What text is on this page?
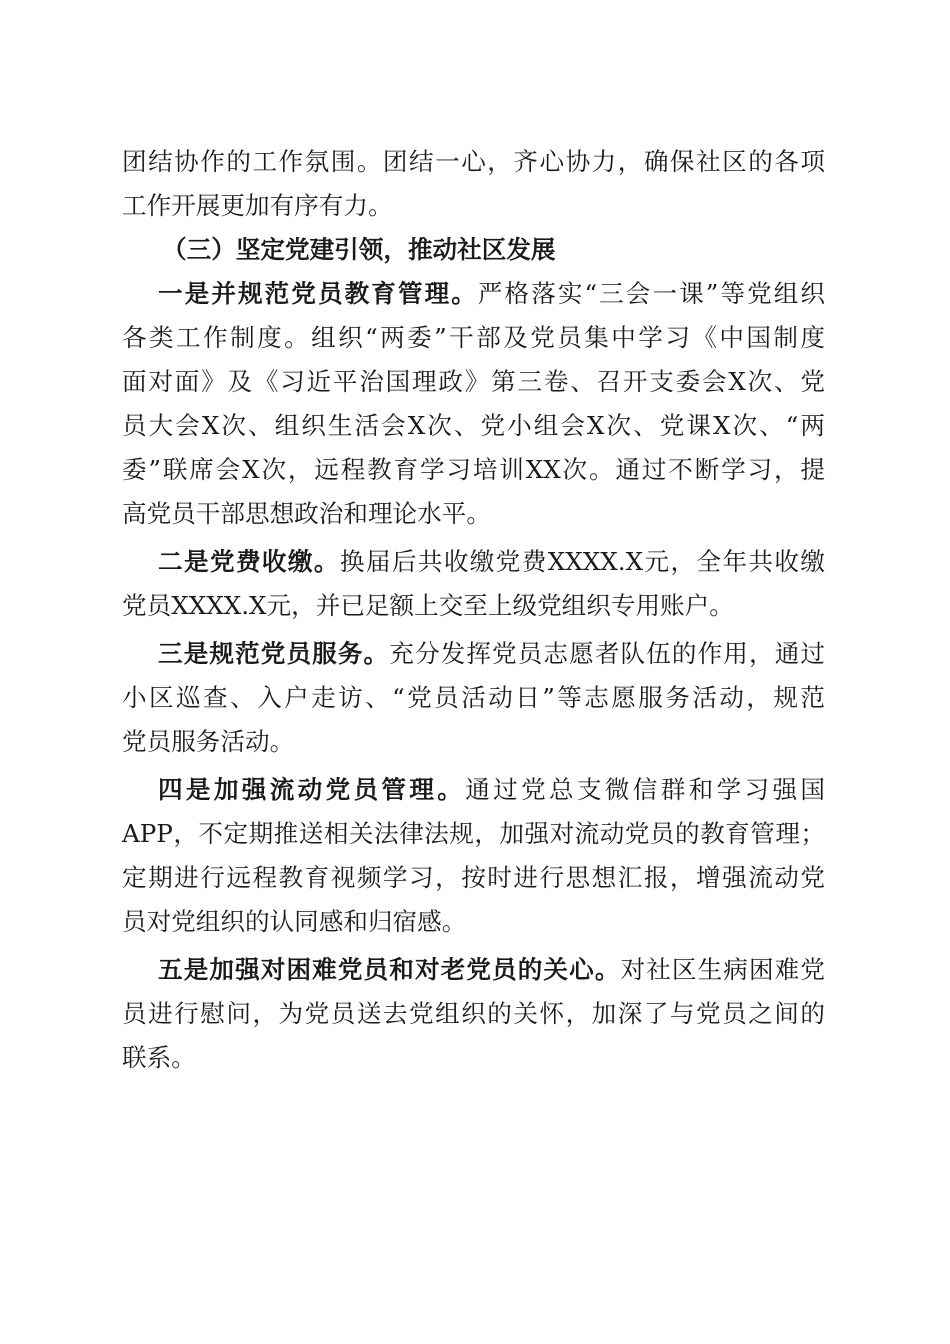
团结协作的工作氛围。团结一心，齐心协力，确保社区的各项
工作开展更加有序有力。
（三）坚定党建引领，推动社区发展
一是并规范党员教育管理。严格落实“三会一课”等党组织
各类工作制度。组织“两委”干部及党员集中学习《中国制度
面对面》及《习近平治国理政》第三卷、召开支委会X次、党
员大会X次、组织生活会X次、党小组会X次、党课X次、“两
委”联席会X次，远程教育学习培训XX次。通过不断学习，提
高党员干部思想政治和理论水平。
二是党费收缴。换届后共收缴党费XXXX.X元，全年共收缴
党员XXXX.X元，并已足额上交至上级党组织专用账户。
三是规范党员服务。充分发挥党员志愿者队伍的作用，通过
小区巡查、入户走访、“党员活动日”等志愿服务活动，规范
党员服务活动。
四是加强流动党员管理。通过党总支微信群和学习强国
APP，不定期推送相关法律法规，加强对流动党员的教育管理；
定期进行远程教育视频学习，按时进行思想汇报，增强流动党
员对党组织的认同感和归宿感。
五是加强对困难党员和对老党员的关心。对社区生病困难党
员进行慰问，为党员送去党组织的关怀，加深了与党员之间的
联系。
